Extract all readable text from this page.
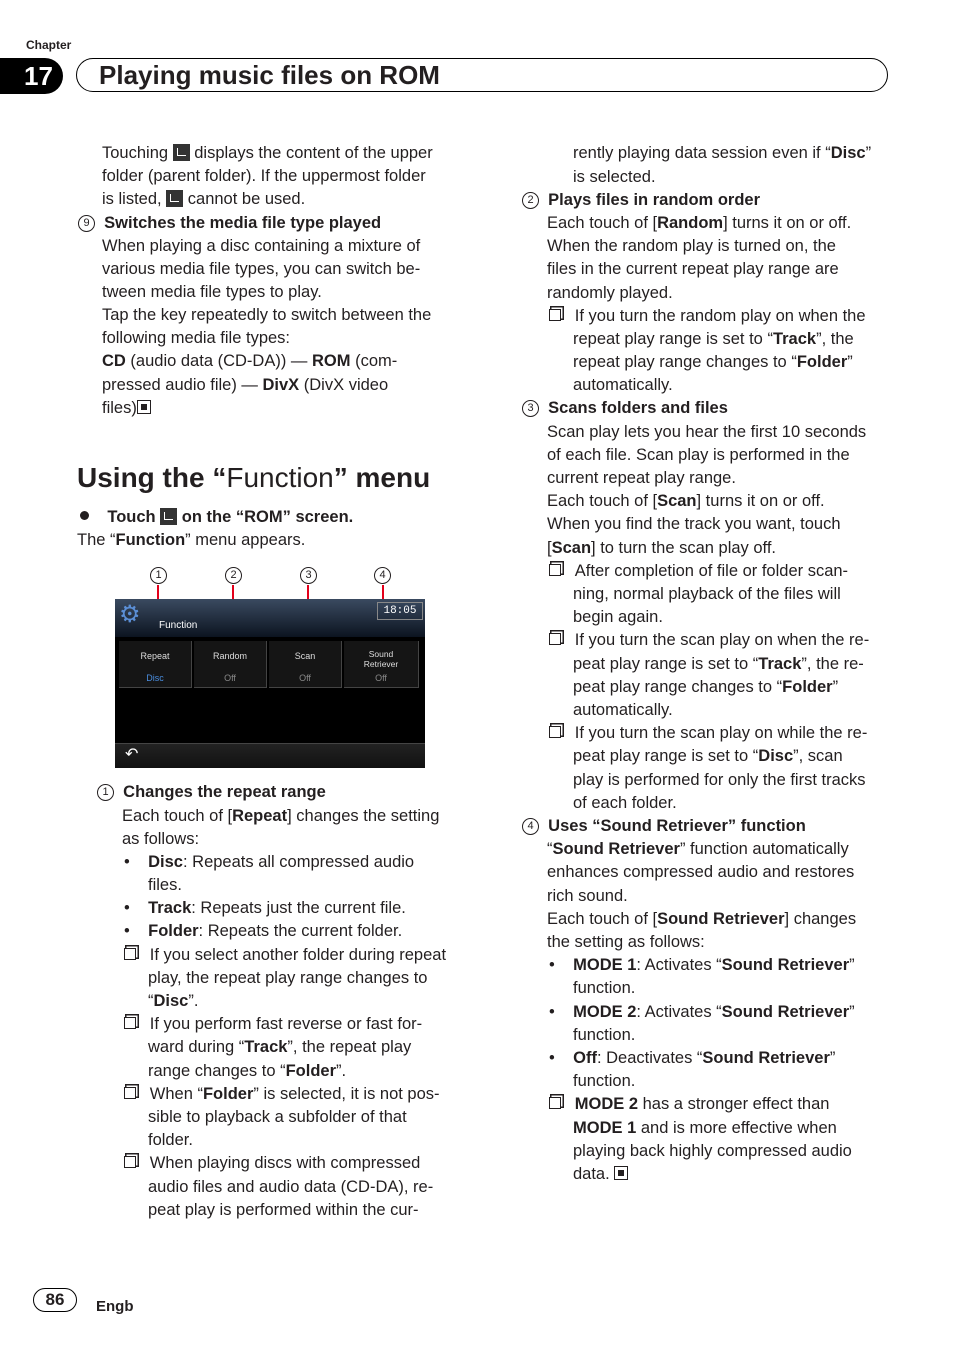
Chapter
17	Playing music files on ROM
Touching  displays the content of the upper
folder (parent folder). If the uppermost folder
is listed,  cannot be used.
9 Switches the media file type played
When playing a disc containing a mixture of
various media file types, you can switch be-
tween media file types to play.
Tap the key repeatedly to switch between the
following media file types:
CD (audio data (CD-DA)) — ROM (com-
pressed audio file) — DivX (DivX video
files)
Using the “Function” menu
Touch  on the “ROM” screen.
The “Function” menu appears.
1	2	3	4
⚙ Function
18:05
Repeat
Disc
Random
Off
Scan
Off
Sound Retriever
Off
↶
1 Changes the repeat range
Each touch of [Repeat] changes the setting
as follows:
•    Disc: Repeats all compressed audio
files.
•    Track: Repeats just the current file.
•    Folder: Repeats the current folder.
If you select another folder during repeat
play, the repeat play range changes to
“Disc”.
If you perform fast reverse or fast for-
ward during “Track”, the repeat play
range changes to “Folder”.
When “Folder” is selected, it is not pos-
sible to playback a subfolder of that
folder.
When playing discs with compressed
audio files and audio data (CD-DA), re-
peat play is performed within the cur-
rently playing data session even if “Disc”
is selected.
2 Plays files in random order
Each touch of [Random] turns it on or off.
When the random play is turned on, the
files in the current repeat play range are
randomly played.
If you turn the random play on when the
repeat play range is set to “Track”, the
repeat play range changes to “Folder”
automatically.
3 Scans folders and files
Scan play lets you hear the first 10 seconds
of each file. Scan play is performed in the
current repeat play range.
Each touch of [Scan] turns it on or off.
When you find the track you want, touch
[Scan] to turn the scan play off.
After completion of file or folder scan-
ning, normal playback of the files will
begin again.
If you turn the scan play on when the re-
peat play range is set to “Track”, the re-
peat play range changes to “Folder”
automatically.
If you turn the scan play on while the re-
peat play range is set to “Disc”, scan
play is performed for only the first tracks
of each folder.
4 Uses “Sound Retriever” function
“Sound Retriever” function automatically
enhances compressed audio and restores
rich sound.
Each touch of [Sound Retriever] changes
the setting as follows:
•    MODE 1: Activates “Sound Retriever”
function.
•    MODE 2: Activates “Sound Retriever”
function.
•    Off: Deactivates “Sound Retriever”
function.
MODE 2 has a stronger effect than
MODE 1 and is more effective when
playing back highly compressed audio
data.
86	Engb
